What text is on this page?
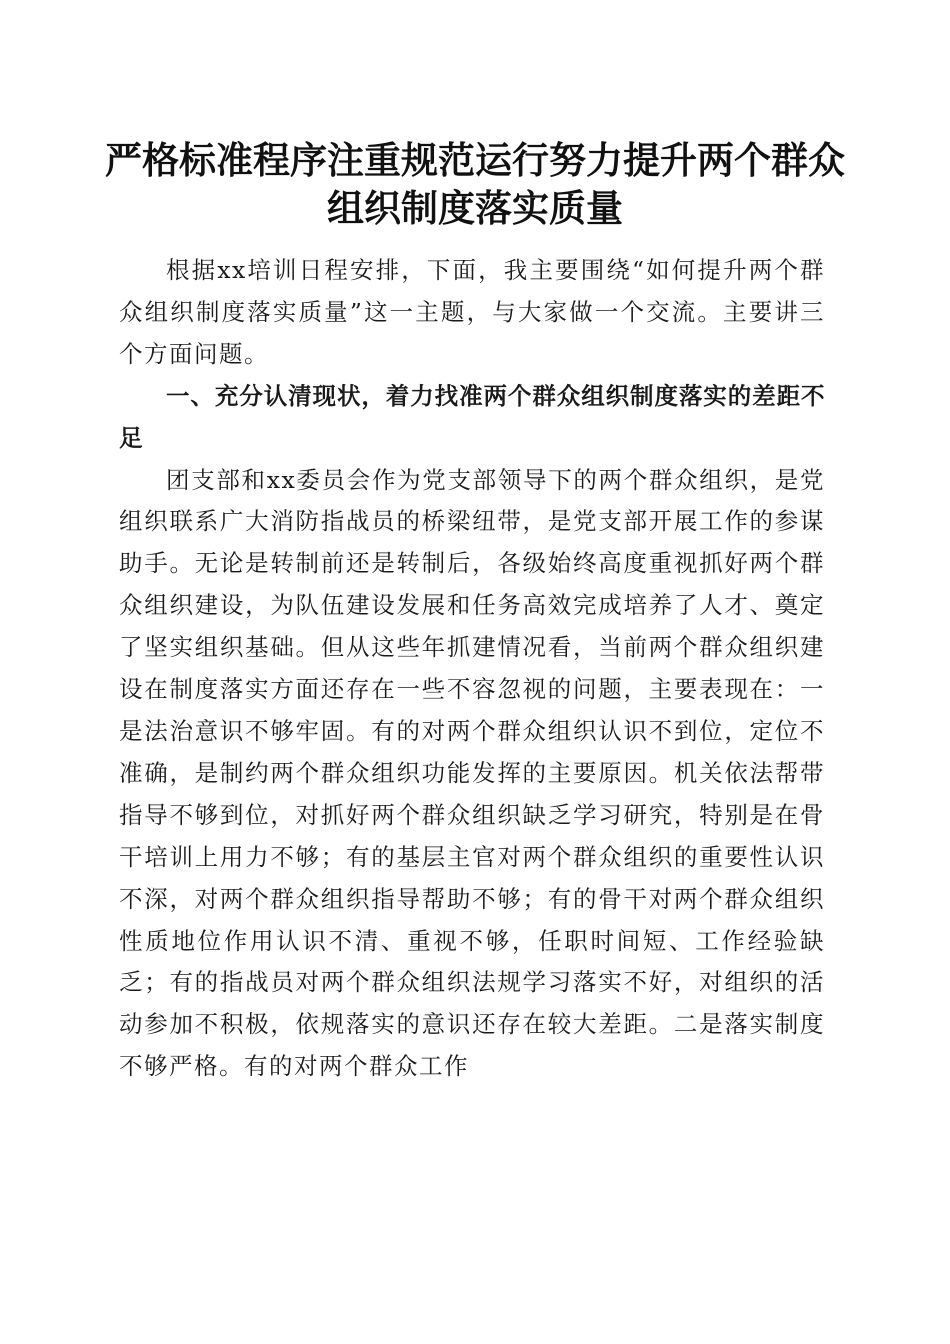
严格标准程序注重规范运行努力提升两个群众组织制度落实质量

根据xx培训日程安排，下面，我主要围绕“如何提升两个群众组织制度落实质量”这一主题，与大家做一个交流。主要讲三个方面问题。

一、充分认清现状，着力找准两个群众组织制度落实的差距不足

团支部和xx委员会作为党支部领导下的两个群众组织，是党组织联系广大消防指战员的桥梁纽带，是党支部开展工作的参谋助手。无论是转制前还是转制后，各级始终高度重视抓好两个群众组织建设，为队伍建设发展和任务高效完成培养了人才、奠定了坚实组织基础。但从这些年抓建情况看，当前两个群众组织建设在制度落实方面还存在一些不容忽视的问题，主要表现在：一是法治意识不够牢固。有的对两个群众组织认识不到位，定位不准确，是制约两个群众组织功能发挥的主要原因。机关依法帮带指导不够到位，对抓好两个群众组织缺乏学习研究，特别是在骨干培训上用力不够；有的基层主官对两个群众组织的重要性认识不深，对两个群众组织指导帮助不够；有的骨干对两个群众组织性质地位作用认识不清、重视不够，任职时间短、工作经验缺乏；有的指战员对两个群众组织法规学习落实不好，对组织的活动参加不积极，依规落实的意识还存在较大差距。二是落实制度不够严格。有的对两个群众工作
